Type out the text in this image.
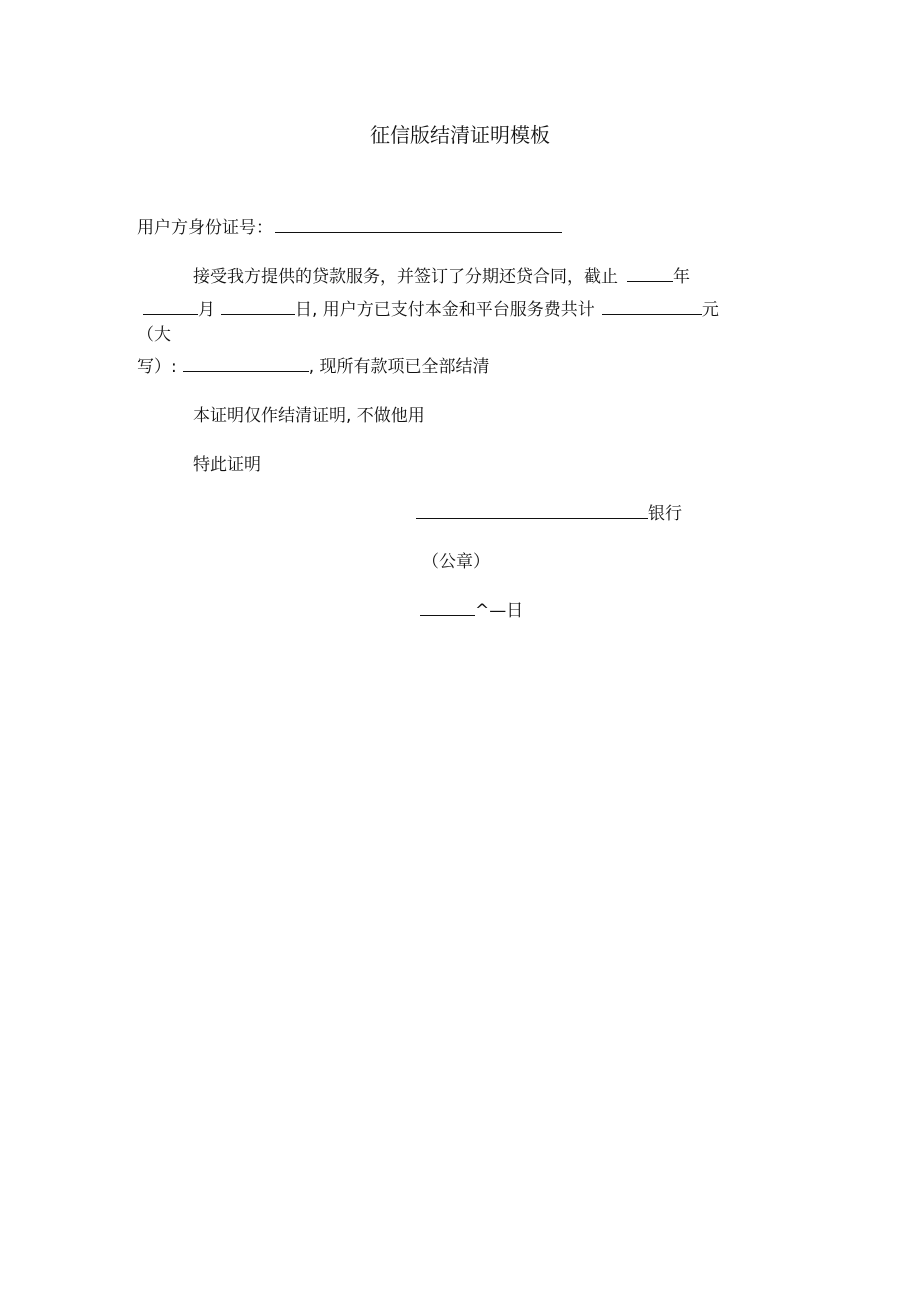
征信版结清证明模板
用户方身份证号：
接受我方提供的贷款服务，并签订了分期还贷合同，截止	年
月	日, 用户方已支付本金和平台服务费共计	元
（大
写）:	, 现所有款项已全部结清
本证明仅作结清证明, 不做他用
特此证明
银行
（公章）
^—日
